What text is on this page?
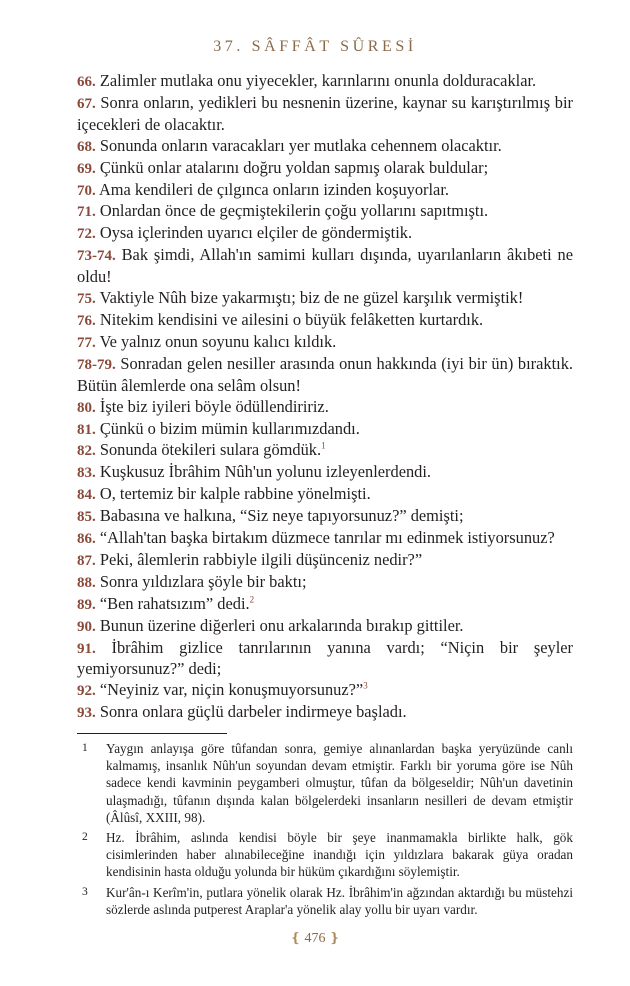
37. SÂFFÂT SÛRESİ

66. Zalimler mutlaka onu yiyecekler, karınlarını onunla dolduracaklar.

67. Sonra onların, yedikleri bu nesnenin üzerine, kaynar su karıştırılmış bir içecekleri de olacaktır.

68. Sonunda onların varacakları yer mutlaka cehennem olacaktır.

69. Çünkü onlar atalarını doğru yoldan sapmış olarak buldular;

70. Ama kendileri de çılgınca onların izinden koşuyorlar.

71. Onlardan önce de geçmiştekilerin çoğu yollarını sapıtmıştı.

72. Oysa içlerinden uyarıcı elçiler de göndermiştik.

73-74. Bak şimdi, Allah'ın samimi kulları dışında, uyarılanların âkıbeti ne oldu!

75. Vaktiyle Nûh bize yakarmıştı; biz de ne güzel karşılık vermiştik!

76. Nitekim kendisini ve ailesini o büyük felâketten kurtardık.

77. Ve yalnız onun soyunu kalıcı kıldık.

78-79. Sonradan gelen nesiller arasında onun hakkında (iyi bir ün) bıraktık. Bütün âlemlerde ona selâm olsun!

80. İşte biz iyileri böyle ödüllendiririz.

81. Çünkü o bizim mümin kullarımızdandı.

82. Sonunda ötekileri sulara gömdük.$^1$

83. Kuşkusuz İbrâhim Nûh'un yolunu izleyenlerdendi.

84. O, tertemiz bir kalple rabbine yönelmişti.

85. Babasına ve halkına, “Siz neye tapıyorsunuz?” demişti;

86. “Allah'tan başka birtakım düzmece tanrılar mı edinmek istiyorsunuz?

87. Peki, âlemlerin rabbiyle ilgili düşünceniz nedir?”

88. Sonra yıldızlara şöyle bir baktı;

89. “Ben rahatsızım” dedi.$^2$

90. Bunun üzerine diğerleri onu arkalarında bırakıp gittiler.

91. İbrâhim gizlice tanrılarının yanına vardı; “Niçin bir şeyler yemiyorsunuz?” dedi;

92. “Neyiniz var, niçin konuşmuyorsunuz?”$^3$

93. Sonra onlara güçlü darbeler indirmeye başladı.

1	Yaygın anlayışa göre tûfandan sonra, gemiye alınanlardan başka yeryüzünde canlı kalmamış, insanlık Nûh'un soyundan devam etmiştir. Farklı bir yoruma göre ise Nûh sadece kendi kavminin peygamberi olmuştur, tûfan da bölgeseldir; Nûh'un davetinin ulaşmadığı, tûfanın dışında kalan bölgelerdeki insanların nesilleri de devam etmiştir (Âlûsî, XXIII, 98).
2	Hz. İbrâhim, aslında kendisi böyle bir şeye inanmamakla birlikte halk, gök cisimlerinden haber alınabileceğine inandığı için yıldızlara bakarak güya oradan kendisinin hasta olduğu yolunda bir hüküm çıkardığını söylemiştir.
3	Kur'ân-ı Kerîm'in, putlara yönelik olarak Hz. İbrâhim'in ağzından aktardığı bu müstehzi sözlerde aslında putperest Araplar'a yönelik alay yollu bir uyarı vardır.
❴ 476 ❵
